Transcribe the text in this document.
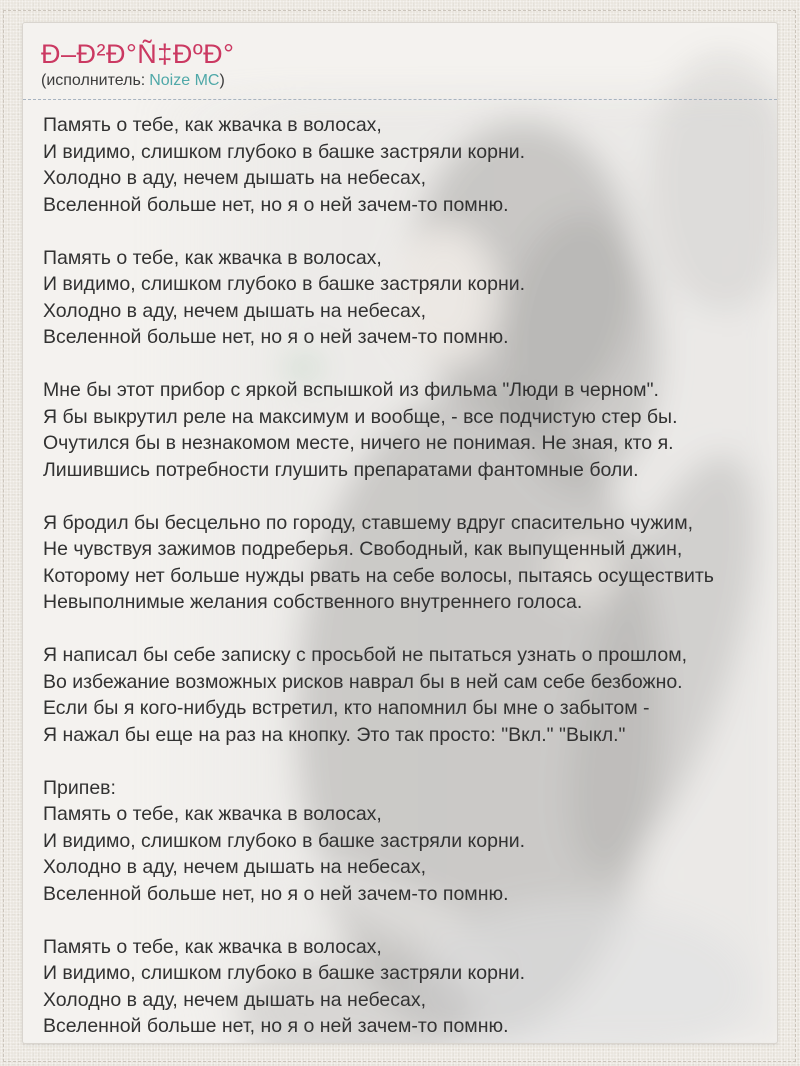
Ð–Ð²Ð°Ñ‡ÐºÐ°
(исполнитель: Noize MC)
Память о тебе, как жвачка в волосах,
И видимо, слишком глубоко в башке застряли корни.
Холодно в аду, нечем дышать на небесах,
Вселенной больше нет, но я о ней зачем-то помню.
Память о тебе, как жвачка в волосах,
И видимо, слишком глубоко в башке застряли корни.
Холодно в аду, нечем дышать на небесах,
Вселенной больше нет, но я о ней зачем-то помню.
Мне бы этот прибор с яркой вспышкой из фильма "Люди в черном".
Я бы выкрутил реле на максимум и вообще, - все подчистую стер бы.
Очутился бы в незнакомом месте, ничего не понимая. Не зная, кто я.
Лишившись потребности глушить препаратами фантомные боли.
Я бродил бы бесцельно по городу, ставшему вдруг спасительно чужим,
Не чувствуя зажимов подреберья. Свободный, как выпущенный джин,
Которому нет больше нужды рвать на себе волосы, пытаясь осуществить
Невыполнимые желания собственного внутреннего голоса.
Я написал бы себе записку с просьбой не пытаться узнать о прошлом,
Во избежание возможных рисков наврал бы в ней сам себе безбожно.
Если бы я кого-нибудь встретил, кто напомнил бы мне о забытом -
Я нажал бы еще на раз на кнопку. Это так просто: "Вкл." "Выкл."
Припев:
Память о тебе, как жвачка в волосах,
И видимо, слишком глубоко в башке застряли корни.
Холодно в аду, нечем дышать на небесах,
Вселенной больше нет, но я о ней зачем-то помню.
Память о тебе, как жвачка в волосах,
И видимо, слишком глубоко в башке застряли корни.
Холодно в аду, нечем дышать на небесах,
Вселенной больше нет, но я о ней зачем-то помню.
